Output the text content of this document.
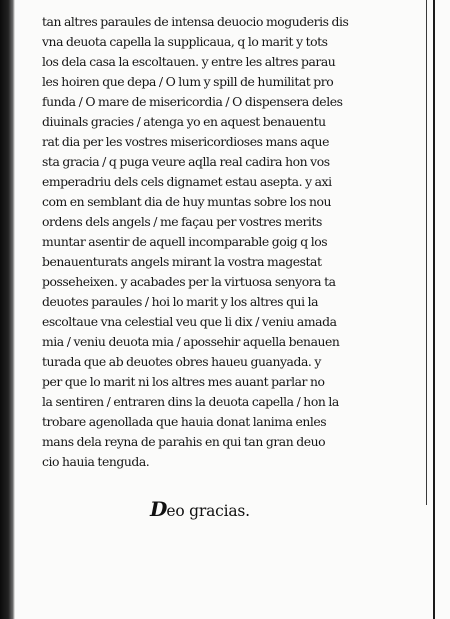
tan altres paraules de intensa deuocio moguderis dis
vna deuota capella la supplicaua, q lo marit y tots
los dela casa la escoltauen. y entre les altres parau
les hoiren que depa / O lum y spill de humilitat pro
funda / O mare de misericordia / O dispensera deles
diuinals gracies / atenga yo en aquest benauentu
rat dia per les vostres misericordioses mans aque
sta gracia / q puga veure aqlla real cadira hon vos
emperadriu dels cels dignamet estau asepta. y axi
com en semblant dia de huy muntas sobre los nou
ordens dels angels / me façau per vostres merits
muntar asentir de aquell incomparable goig q los
benauenturats angels mirant la vostra magestat
posseheixen. y acabades per la virtuosa senyora ta
deuotes paraules / hoi lo marit y los altres qui la
escoltaue vna celestial veu que li dix / veniu amada
mia / veniu deuota mia / apossehir aquella benauen
turada que ab deuotes obres haueu guanyada. y
per que lo marit ni los altres mes auant parlar no
la sentiren / entraren dins la deuota capella / hon la
trobare agenollada que hauia donat lanima enles
mans dela reyna de parahis en qui tan gran deuo
cio hauia tenguda.
Deo gracias.
